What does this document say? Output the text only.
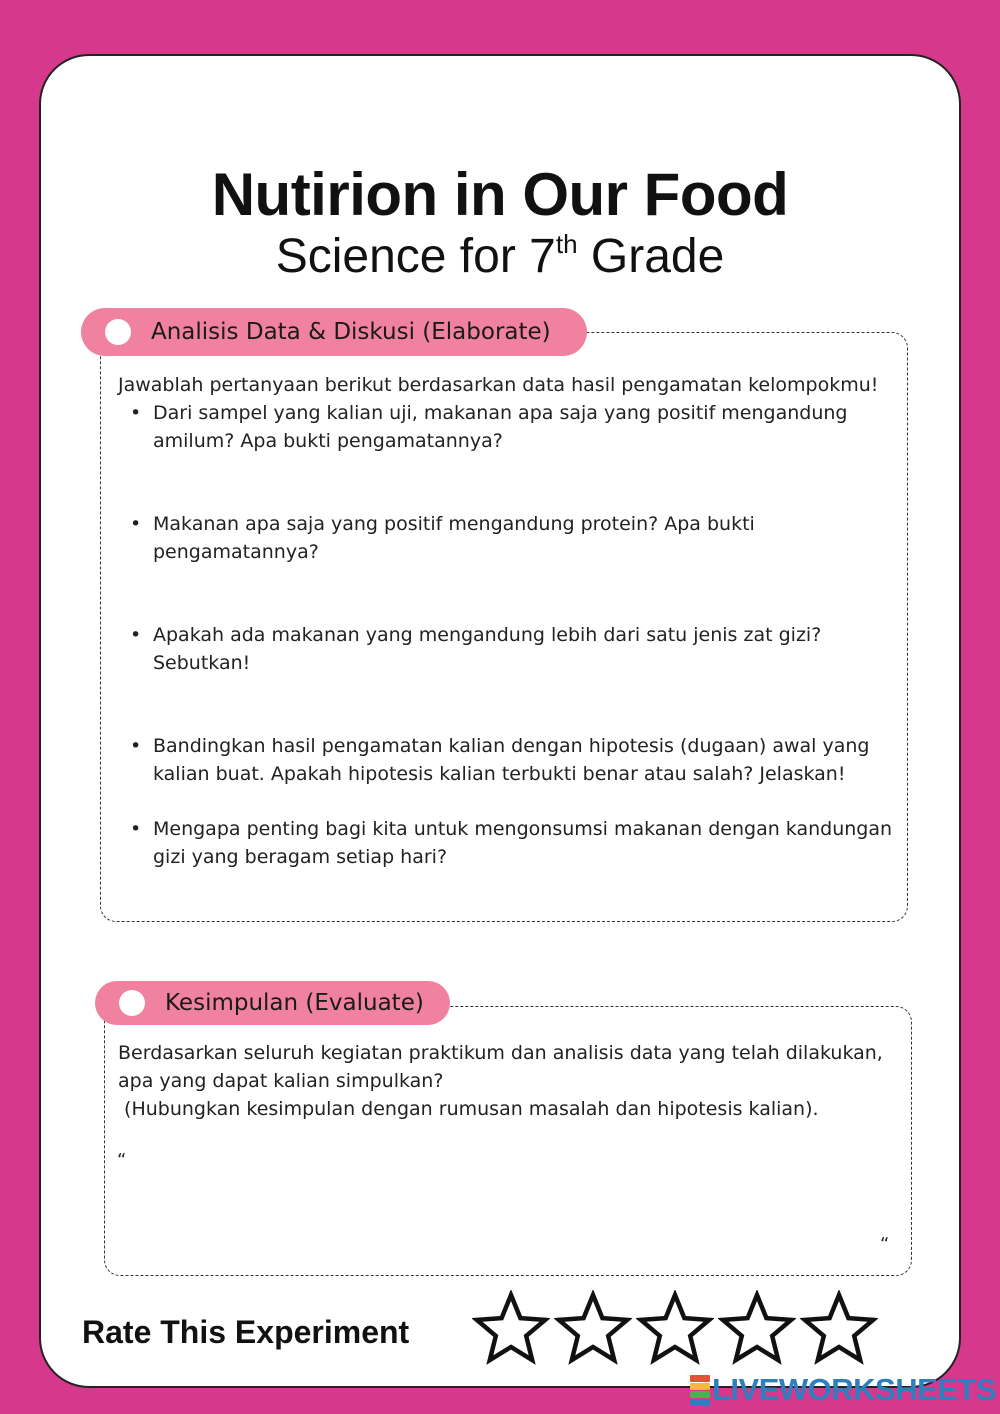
Nutirion in Our Food
Science for 7th Grade
Analisis Data & Diskusi (Elaborate)
Jawablah pertanyaan berikut berdasarkan data hasil pengamatan kelompokmu!
• Dari sampel yang kalian uji, makanan apa saja yang positif mengandung
amilum? Apa bukti pengamatannya?
• Makanan apa saja yang positif mengandung protein? Apa bukti
pengamatannya?
• Apakah ada makanan yang mengandung lebih dari satu jenis zat gizi?
Sebutkan!
• Bandingkan hasil pengamatan kalian dengan hipotesis (dugaan) awal yang
kalian buat. Apakah hipotesis kalian terbukti benar atau salah? Jelaskan!
• Mengapa penting bagi kita untuk mengonsumsi makanan dengan kandungan
gizi yang beragam setiap hari?
Kesimpulan (Evaluate)
Berdasarkan seluruh kegiatan praktikum dan analisis data yang telah dilakukan,
apa yang dapat kalian simpulkan?
(Hubungkan kesimpulan dengan rumusan masalah dan hipotesis kalian).
“
“
Rate This Experiment
LIVEWORKSHEETS
